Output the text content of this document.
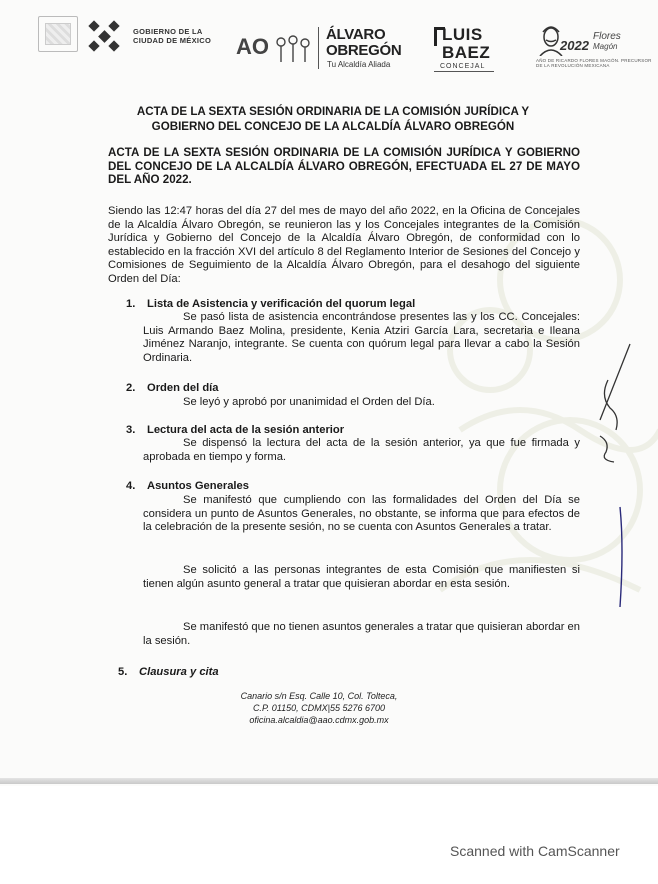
GOBIERNO DE LA
CIUDAD DE MÉXICO AO	ÁLVARO
OBREGÓN
Tu Alcaldía Aliada
LUIS
BAEZ
CONCEJAL
2022
Flores
Magón
AÑO DE RICARDO FLORES MAGÓN. PRECURSOR DE LA REVOLUCIÓN MEXICANA

ACTA DE LA SEXTA SESIÓN ORDINARIA DE LA COMISIÓN JURÍDICA Y GOBIERNO DEL CONCEJO DE LA ALCALDÍA ÁLVARO OBREGÓN

ACTA DE LA SEXTA SESIÓN ORDINARIA DE LA COMISIÓN JURÍDICA Y GOBIERNO DEL CONCEJO DE LA ALCALDÍA ÁLVARO OBREGÓN, EFECTUADA EL 27 DE MAYO DEL AÑO 2022.

Siendo las 12:47 horas del día 27 del mes de mayo del año 2022, en la Oficina de Concejales de la Alcaldía Álvaro Obregón, se reunieron las y los Concejales integrantes de la Comisión Jurídica y Gobierno del Concejo de la Alcaldía Álvaro Obregón, de conformidad con lo establecido en la fracción XVI del artículo 8 del Reglamento Interior de Sesiones del Concejo y Comisiones de Seguimiento de la Alcaldía Álvaro Obregón, para el desahogo del siguiente Orden del Día:

1. Lista de Asistencia y verificación del quorum legal

Se pasó lista de asistencia encontrándose presentes las y los CC. Concejales: Luis Armando Baez Molina, presidente, Kenia Atziri García Lara, secretaria e Ileana Jiménez Naranjo, integrante. Se cuenta con quórum legal para llevar a cabo la Sesión Ordinaria.

2. Orden del día

Se leyó y aprobó por unanimidad el Orden del Día.

3. Lectura del acta de la sesión anterior

Se dispensó la lectura del acta de la sesión anterior, ya que fue firmada y aprobada en tiempo y forma.

4. Asuntos Generales

Se manifestó que cumpliendo con las formalidades del Orden del Día se considera un punto de Asuntos Generales, no obstante, se informa que para efectos de la celebración de la presente sesión, no se cuenta con Asuntos Generales a tratar.

Se solicitó a las personas integrantes de esta Comisión que manifiesten si tienen algún asunto general a tratar que quisieran abordar en esta sesión.

Se manifestó que no tienen asuntos generales a tratar que quisieran abordar en la sesión.

5. Clausura y cita

Canario s/n Esq. Calle 10, Col. Tolteca,
C.P. 01150, CDMX|55 5276 6700
oficina.alcaldia@aao.cdmx.gob.mx
Scanned with CamScanner
